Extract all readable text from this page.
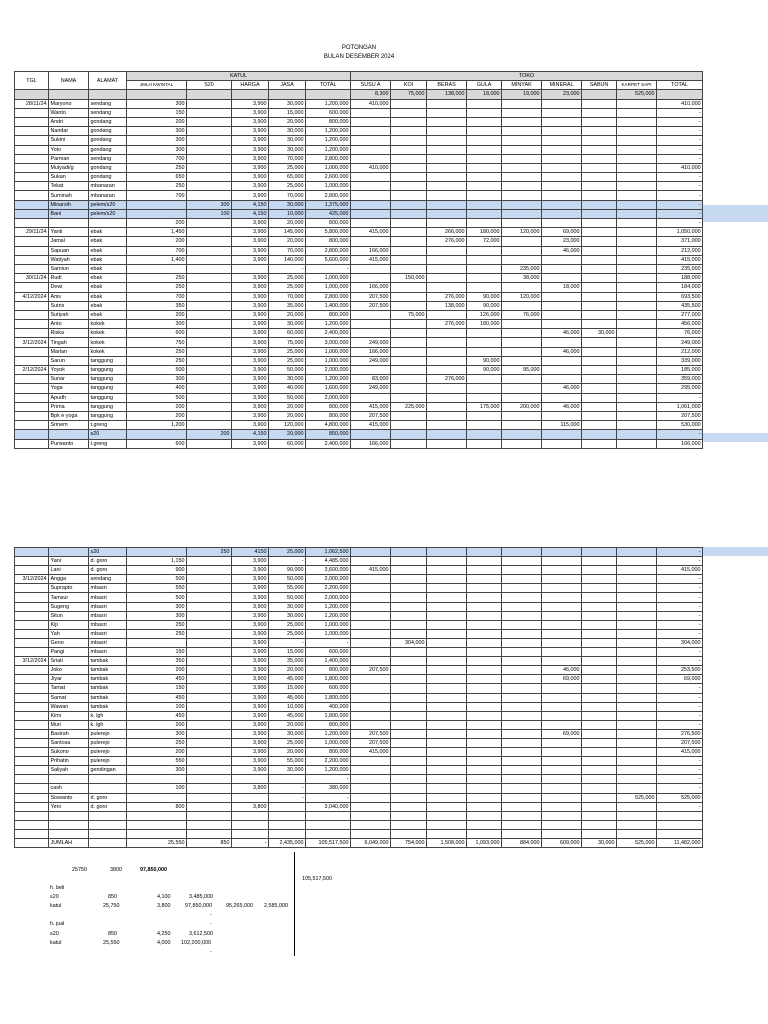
POTONGAN
BULAN DESEMBER 2024
TGL	NAMA	ALAMAT	KATUL					TOKO								
			JMLH KWINTAL	S20	HARGA	JASA	TOTAL	SUSU A	KOI	BERAS	GULA	MINYAK	MINERAL	SABUN	KARPET SAPI	TOTAL
								8,300	75,000	138,000	18,000	19,000	23,000		525,000	
28/11/24	Maryono	sendang	300		3,900	30,000	1,200,000	410,000								410,000
	Wanto	sendang	150		3,900	15,000	600,000									-
	Andri	gondang	200		3,900	20,000	800,000									-
	Nandar	gondang	300		3,900	30,000	1,200,000									-
	Sukini	gondang	300		3,900	30,000	1,200,000									-
	Yoto	gondang	300		3,900	30,000	1,200,000									-
	Parman	sendang	700		3,900	70,000	2,800,000									-
	Mulyadi/g	gondang	250		3,900	25,000	1,000,000	410,000								410,000
	Sukan	gondang	650		3,900	65,000	2,600,000									-
	Tekat	mbanaran	250		3,900	25,000	1,000,000									-
	Suminah	mbanaran	700		3,900	70,000	2,800,000									-
	Minarsih	pelem/s20		300	4,150	30,000	1,375,000									-
	Bani	pelem/s20		100	4,150	10,000	425,000									-
			200		3,900	20,000	800,000									-
29/11/24	Yanti	ebak	1,450		3,900	145,000	5,800,000	415,000		266,000	180,000	120,000	69,000			1,050,000
	Jamal	ebak	200		3,900	20,000	800,000			276,000	72,000		23,000			371,000
	Sapuan	ebak	700		3,900	70,000	2,800,000	166,000					46,000			212,000
	Watiyah	ebak	1,400		3,900	140,000	5,600,000	415,000								415,000
	Samiun	ebak				-	-					235,000				235,000
30/11/24	Rudi	ebak	250		3,900	25,000	1,000,000		150,000			38,000				188,000
	Dewi	ebak	250		3,900	25,000	1,000,000	166,000					18,000			184,000
4/12/2024	Anis	ebak	700		3,900	70,000	2,800,000	207,500		276,000	90,000	120,000				693,500
	Sutris	ebak	350		3,900	35,000	1,400,000	207,500		138,000	90,000					435,500
	Sutiyah	ebak	200		3,900	20,000	800,000		75,000		126,000	76,000				277,000
	Anto	kokek	300		3,900	30,000	1,200,000			276,000	180,000					456,000
	Riska	kokek	600		3,900	60,000	2,400,000						46,000	30,000		76,000
3/12/2024	Tingah	kokek	750		3,900	75,000	3,000,000	249,000								249,000
	Marlan	kokek	250		3,900	25,000	1,000,000	166,000					46,000			212,000
	Sarun	tanggung	250		3,900	25,000	1,000,000	249,000			90,000					339,000
2/12/2024	Yoyok	tanggung	500		3,900	50,000	2,000,000				90,000	95,000				185,000
	Sunar	tanggung	300		3,900	30,000	1,200,000	83,000		276,000						359,000
	Yoga	tanggung	400		3,900	40,000	1,600,000	249,000					46,000			295,000
	Apudh	tanggung	500		3,900	50,000	2,000,000									-
	Prima	tanggung	200		3,900	20,000	800,000	415,000	225,000		175,000	200,000	46,000			1,061,000
	Bpk e yoga	tanggung	200		3,900	20,000	800,000	207,500								207,500
	Srinem	t.greng	1,200		3,900	120,000	4,800,000	415,000					115,000			530,000
		s20		200	4,150	20,000	850,000									-
	Purwanto	t.greng	600		3,900	60,000	2,400,000	166,000								166,000
		s20		250	4150	25,000	1,062,500									-
	Yani	d. goro	1,150		3,900	-	4,485,000									-
	Lani	d. goro	900		3,900	90,000	3,600,000	415,000								415,000
3/12/2024	Angga	sendang	500		3,900	50,000	2,000,000									-
	Suprapto	mbasri	550		3,900	55,000	2,200,000									-
	Tamsur	mbasri	500		3,900	50,000	2,000,000									-
	Sugeng	mbasri	300		3,900	30,000	1,200,000									-
	Situn	mbasri	300		3,900	30,000	1,200,000									-
	Kiji	mbasri	250		3,900	25,000	1,000,000									-
	Yah	mbasri	250		3,900	25,000	1,000,000									-
	Geno	mbasri			3,900	-	-		304,000							304,000
	Pangi	mbasri	150		3,900	15,000	600,000									-
3/12/2024	Sriati	tambak	350		3,900	35,000	1,400,000									-
	Joko	tambak	200		3,900	20,000	800,000	207,500					46,000			253,500
	Jiyar	tambak	450		3,900	45,000	1,800,000						69,000			69,000
	Tamat	tambak	150		3,900	15,000	600,000									-
	Samat	tambak	450		3,900	45,000	1,800,000									-
	Wawan	tambak	100		3,900	10,000	400,000									-
	Kimi	k. lgh	450		3,900	45,000	1,800,000									-
	Muri	k. lgh	200		3,900	20,000	800,000									-
	Basirah	pulerejo	300		3,900	30,000	1,200,000	207,500					69,000			276,500
	Santosa	pulerejo	250		3,900	25,000	1,000,000	207,500								207,500
	Sukono	pulerejo	200		3,900	20,000	800,000	415,000								415,000
	Prihatin	pulerejo	550		3,900	55,000	2,200,000									-
	Saliyah	gendingan	300		3,900	30,000	1,200,000									-
							-									-
	cash		100		3,800	-	380,000									-
	Siswanto	d. goro				-	-								525,000	525,000
	Yeni	d. goro	800		3,800		3,040,000									-

	JUMLAH		25,550	850	-	2,435,000	105,517,500	6,049,000	754,000	1,508,000	1,093,000	884,000	609,000	30,000	525,000	11,482,000
25750	3800	97,850,000
105,517,500
h. beli
s20	850	4,100	3,485,000
katul	25,750	3,800	97,850,000	95,265,000 2,585,000
-
h. jual	-
s20	850	4,250	3,612,500
katul	25,550	4,000 102,200,000
-
